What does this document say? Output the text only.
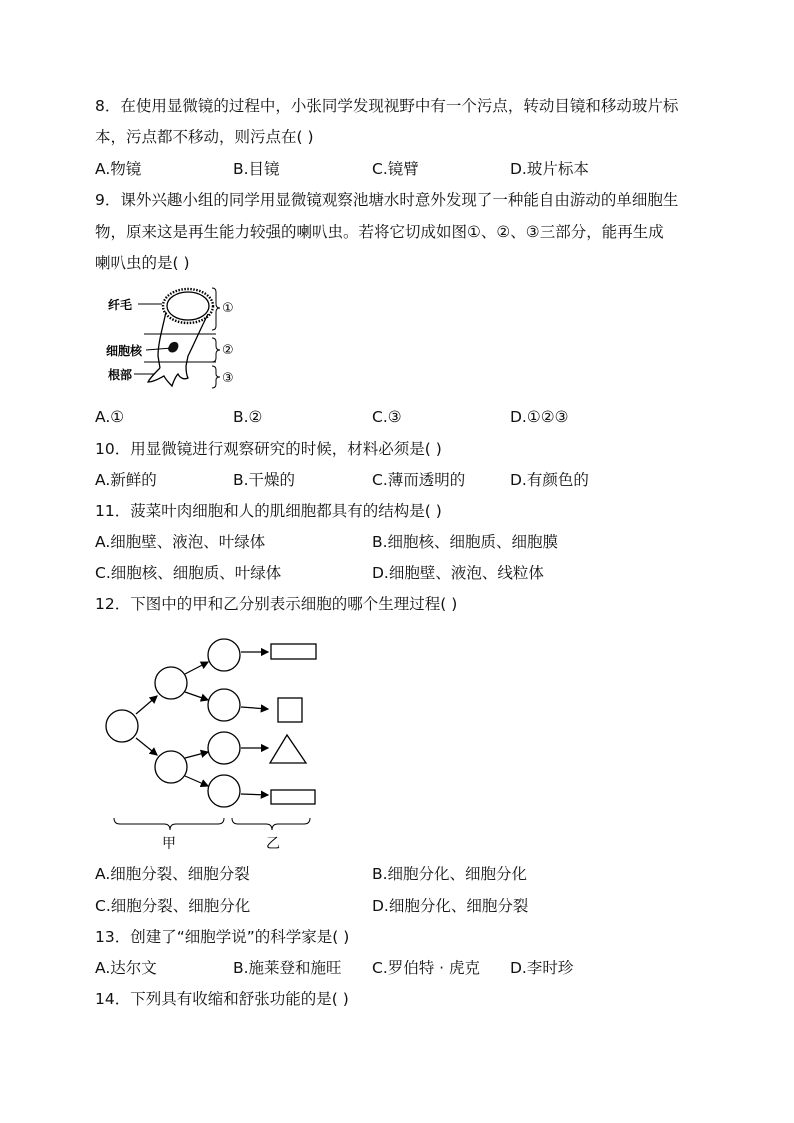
8．在使用显微镜的过程中，小张同学发现视野中有一个污点，转动目镜和移动玻片标
本，污点都不移动，则污点在( )
A.物镜	B.目镜	C.镜臂	D.玻片标本
9．课外兴趣小组的同学用显微镜观察池塘水时意外发现了一种能自由游动的单细胞生
物，原来这是再生能力较强的喇叭虫。若将它切成如图①、②、③三部分，能再生成
喇叭虫的是( )
纤毛
细胞核
根部
①
②
③
A.①	B.②	C.③	D.①②③
10．用显微镜进行观察研究的时候，材料必须是( )
A.新鲜的	B.干燥的	C.薄而透明的	D.有颜色的
11．菠菜叶肉细胞和人的肌细胞都具有的结构是( )
A.细胞壁、液泡、叶绿体	B.细胞核、细胞质、细胞膜
C.细胞核、细胞质、叶绿体	D.细胞壁、液泡、线粒体
12．下图中的甲和乙分别表示细胞的哪个生理过程( )
甲	乙
A.细胞分裂、细胞分裂	B.细胞分化、细胞分化
C.细胞分裂、细胞分化	D.细胞分化、细胞分裂
13．创建了“细胞学说”的科学家是( )
A.达尔文	B.施莱登和施旺 C.罗伯特 · 虎克 D.李时珍
14．下列具有收缩和舒张功能的是( )
